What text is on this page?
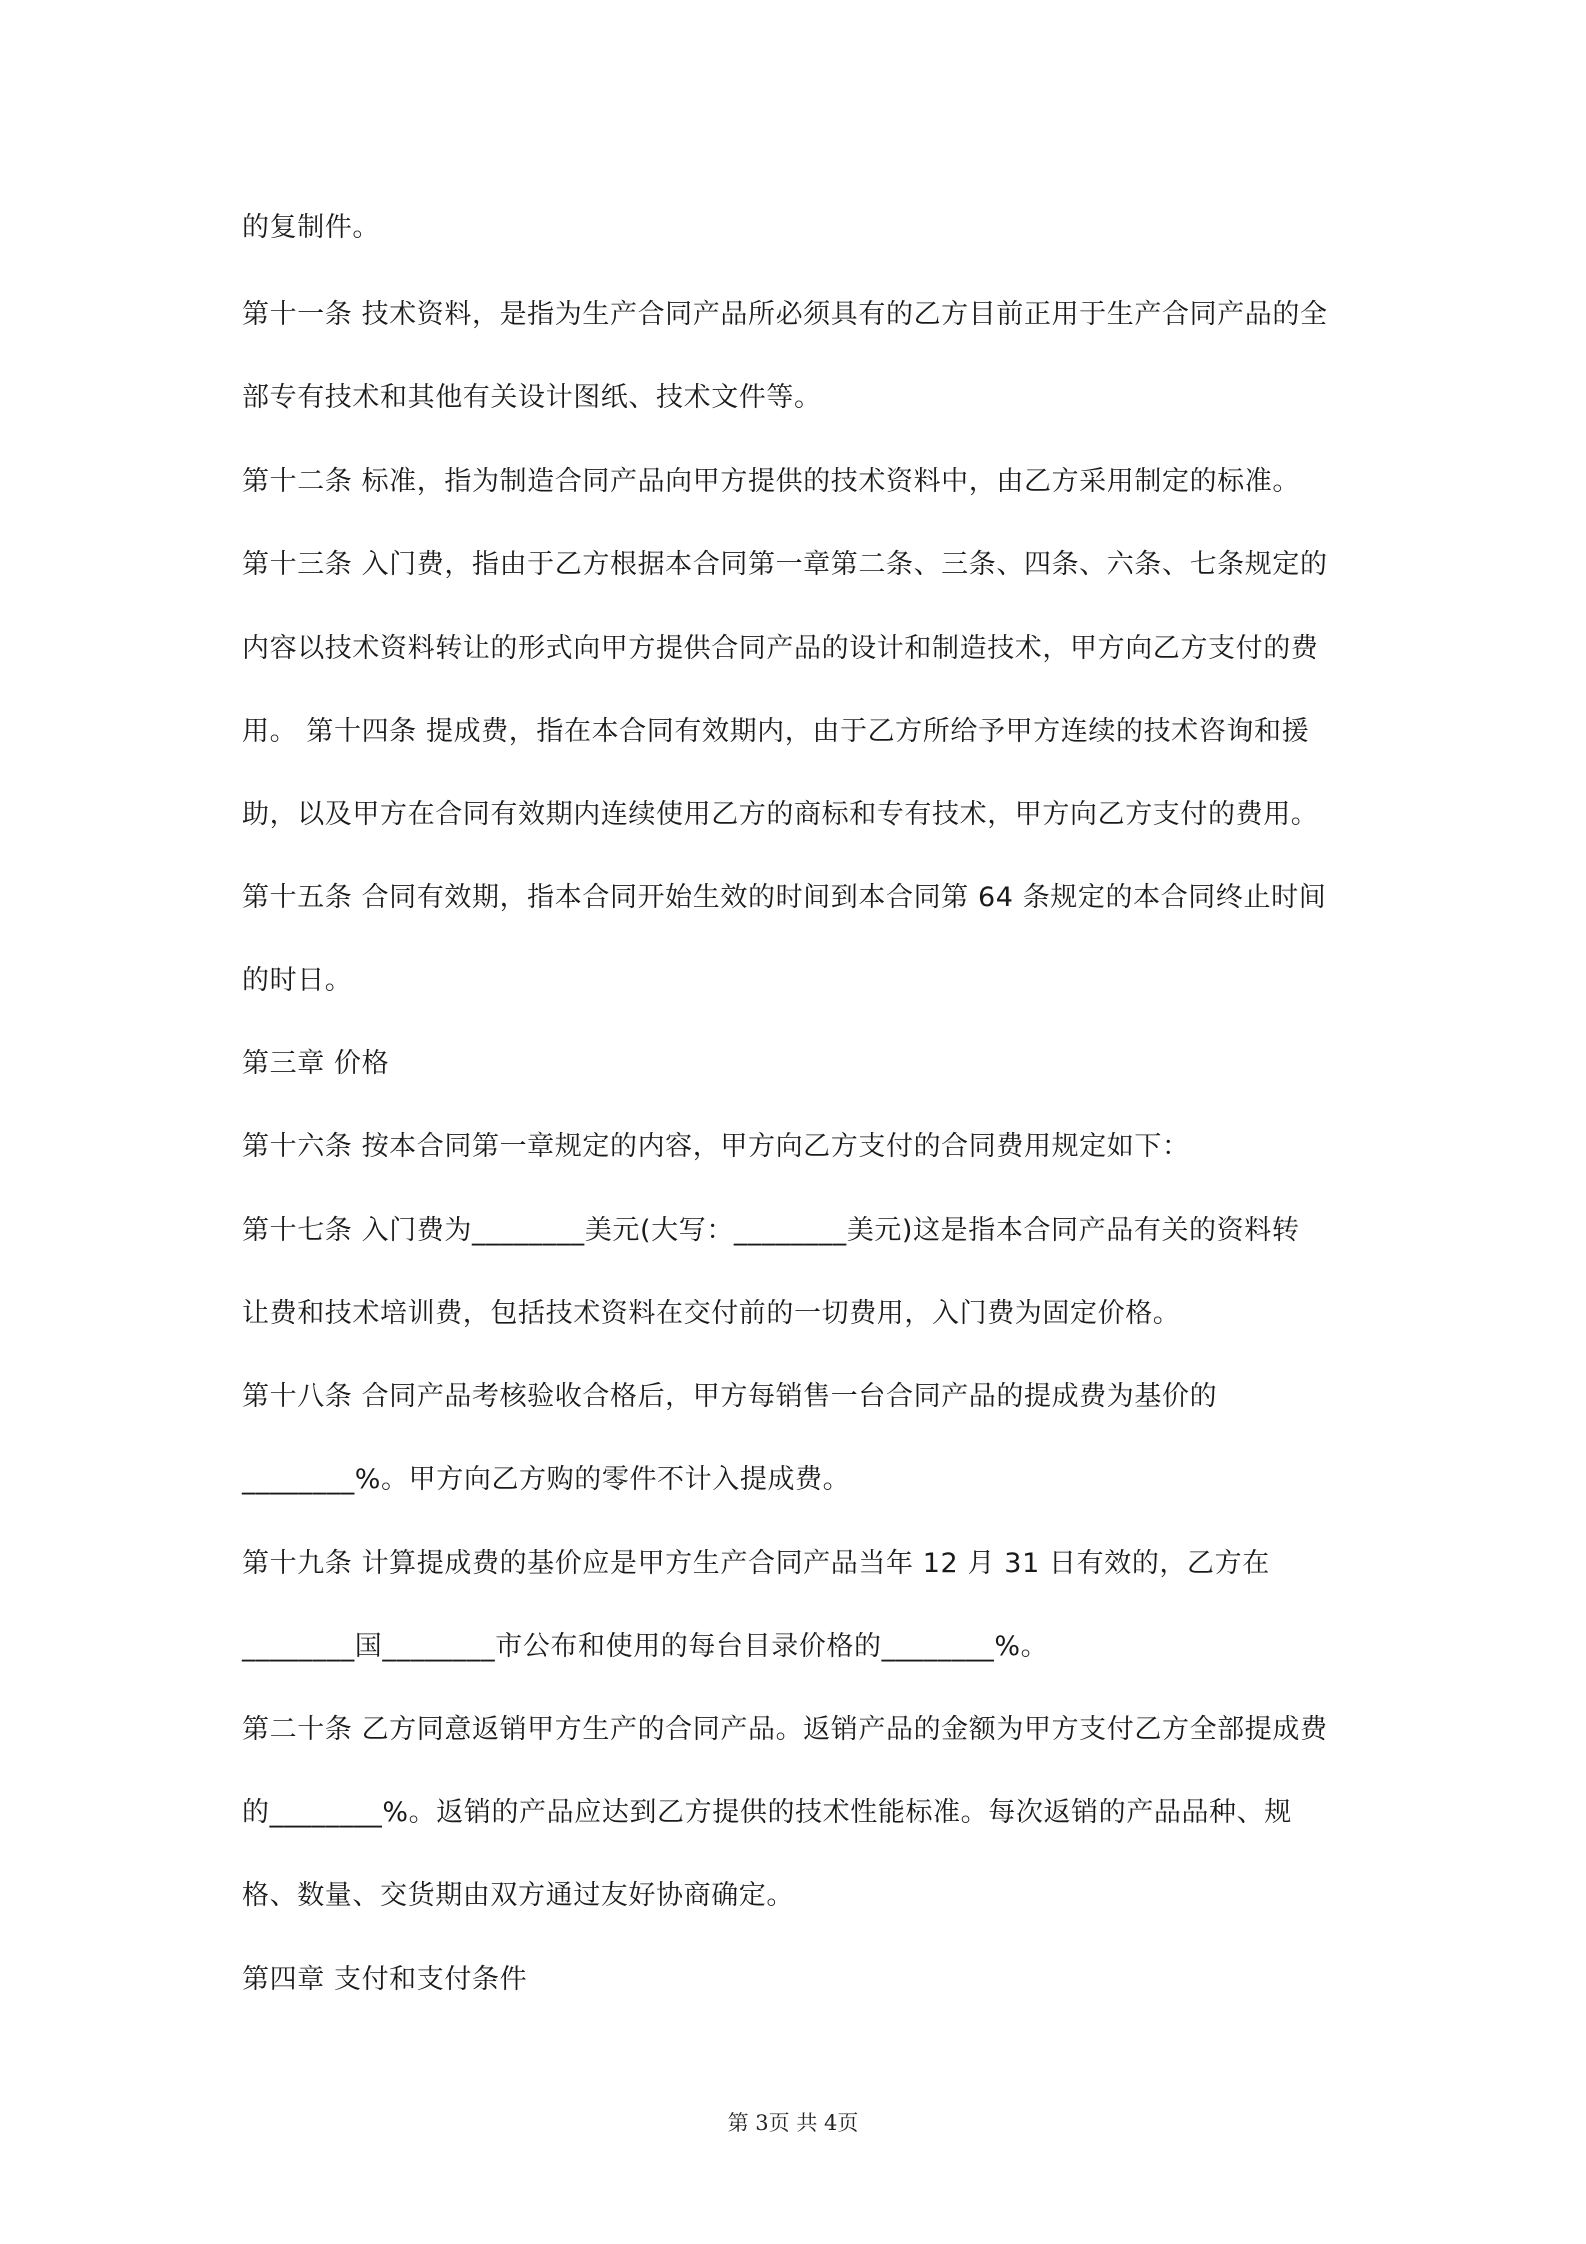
的复制件。
第十一条 技术资料，是指为生产合同产品所必须具有的乙方目前正用于生产合同产品的全
部专有技术和其他有关设计图纸、技术文件等。
第十二条 标准，指为制造合同产品向甲方提供的技术资料中，由乙方采用制定的标准。
第十三条 入门费，指由于乙方根据本合同第一章第二条、三条、四条、六条、七条规定的
内容以技术资料转让的形式向甲方提供合同产品的设计和制造技术，甲方向乙方支付的费
用。 第十四条 提成费，指在本合同有效期内，由于乙方所给予甲方连续的技术咨询和援
助，以及甲方在合同有效期内连续使用乙方的商标和专有技术，甲方向乙方支付的费用。
第十五条 合同有效期，指本合同开始生效的时间到本合同第 64 条规定的本合同终止时间
的时日。
第三章 价格
第十六条 按本合同第一章规定的内容，甲方向乙方支付的合同费用规定如下：
第十七条 入门费为________美元(大写：________美元)这是指本合同产品有关的资料转
让费和技术培训费，包括技术资料在交付前的一切费用，入门费为固定价格。
第十八条 合同产品考核验收合格后，甲方每销售一台合同产品的提成费为基价的
________%。甲方向乙方购的零件不计入提成费。
第十九条 计算提成费的基价应是甲方生产合同产品当年 12 月 31 日有效的，乙方在
________国________市公布和使用的每台目录价格的________%。
第二十条 乙方同意返销甲方生产的合同产品。返销产品的金额为甲方支付乙方全部提成费
的________%。返销的产品应达到乙方提供的技术性能标准。每次返销的产品品种、规
格、数量、交货期由双方通过友好协商确定。
第四章 支付和支付条件
第 3页 共 4页
